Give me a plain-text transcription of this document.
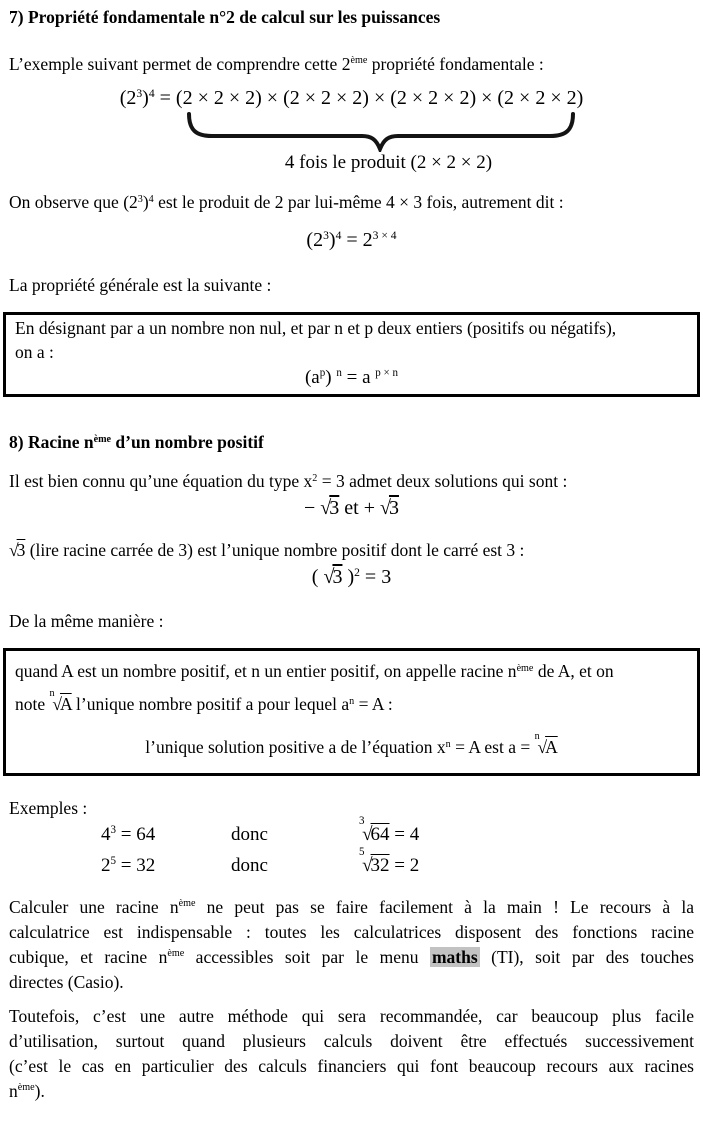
7) Propriété fondamentale n°2 de calcul sur les puissances
L’exemple suivant permet de comprendre cette 2ème propriété fondamentale :
$(2^3)^4 = (2 \times 2 \times 2) \times (2 \times 2 \times 2) \times (2 \times 2 \times 2) \times (2 \times 2 \times 2)$
4 fois le produit (2 × 2 × 2)
On observe que $(2^3)^4$ est le produit de 2 par lui-même 4 × 3 fois, autrement dit :
$(2^3)^4 = 2^{3 \times 4}$
La propriété générale est la suivante :
En désignant par a un nombre non nul, et par n et p deux entiers (positifs ou négatifs),
on a :
$(a^p) ^n = a$ $^{p \times n}$
8) Racine $n^{ème}$ d’un nombre positif
Il est bien connu qu’une équation du type $x^2 = 3$ admet deux solutions qui sont :
− √3 et + √3
√3 (lire racine carrée de 3) est l’unique nombre positif dont le carré est 3 :
( √3 )$^2$ = 3
De la même manière :
quand A est un nombre positif, et n un entier positif, on appelle racine $n^{ème}$ de A, et on
note $^n$√A l’unique nombre positif a pour lequel $a^n = A$ :
l’unique solution positive a de l’équation $x^n = A$ est a = $^n$√A
Exemples :
$4^3 = 64$	donc
$^3$√64 = 4
$2^5 = 32$	donc
$^5$√32 = 2
Calculer une racine $n^{ème}$ ne peut pas se faire facilement à la main ! Le recours à la
calculatrice est indispensable : toutes les calculatrices disposent des fonctions racine
cubique, et racine $n^{ème}$ accessibles soit par le menu maths (TI), soit par des touches
directes (Casio).
Toutefois, c’est une autre méthode qui sera recommandée, car beaucoup plus facile
d’utilisation, surtout quand plusieurs calculs doivent être effectués successivement
(c’est le cas en particulier des calculs financiers qui font beaucoup recours aux racines
$n^{ème}$).
